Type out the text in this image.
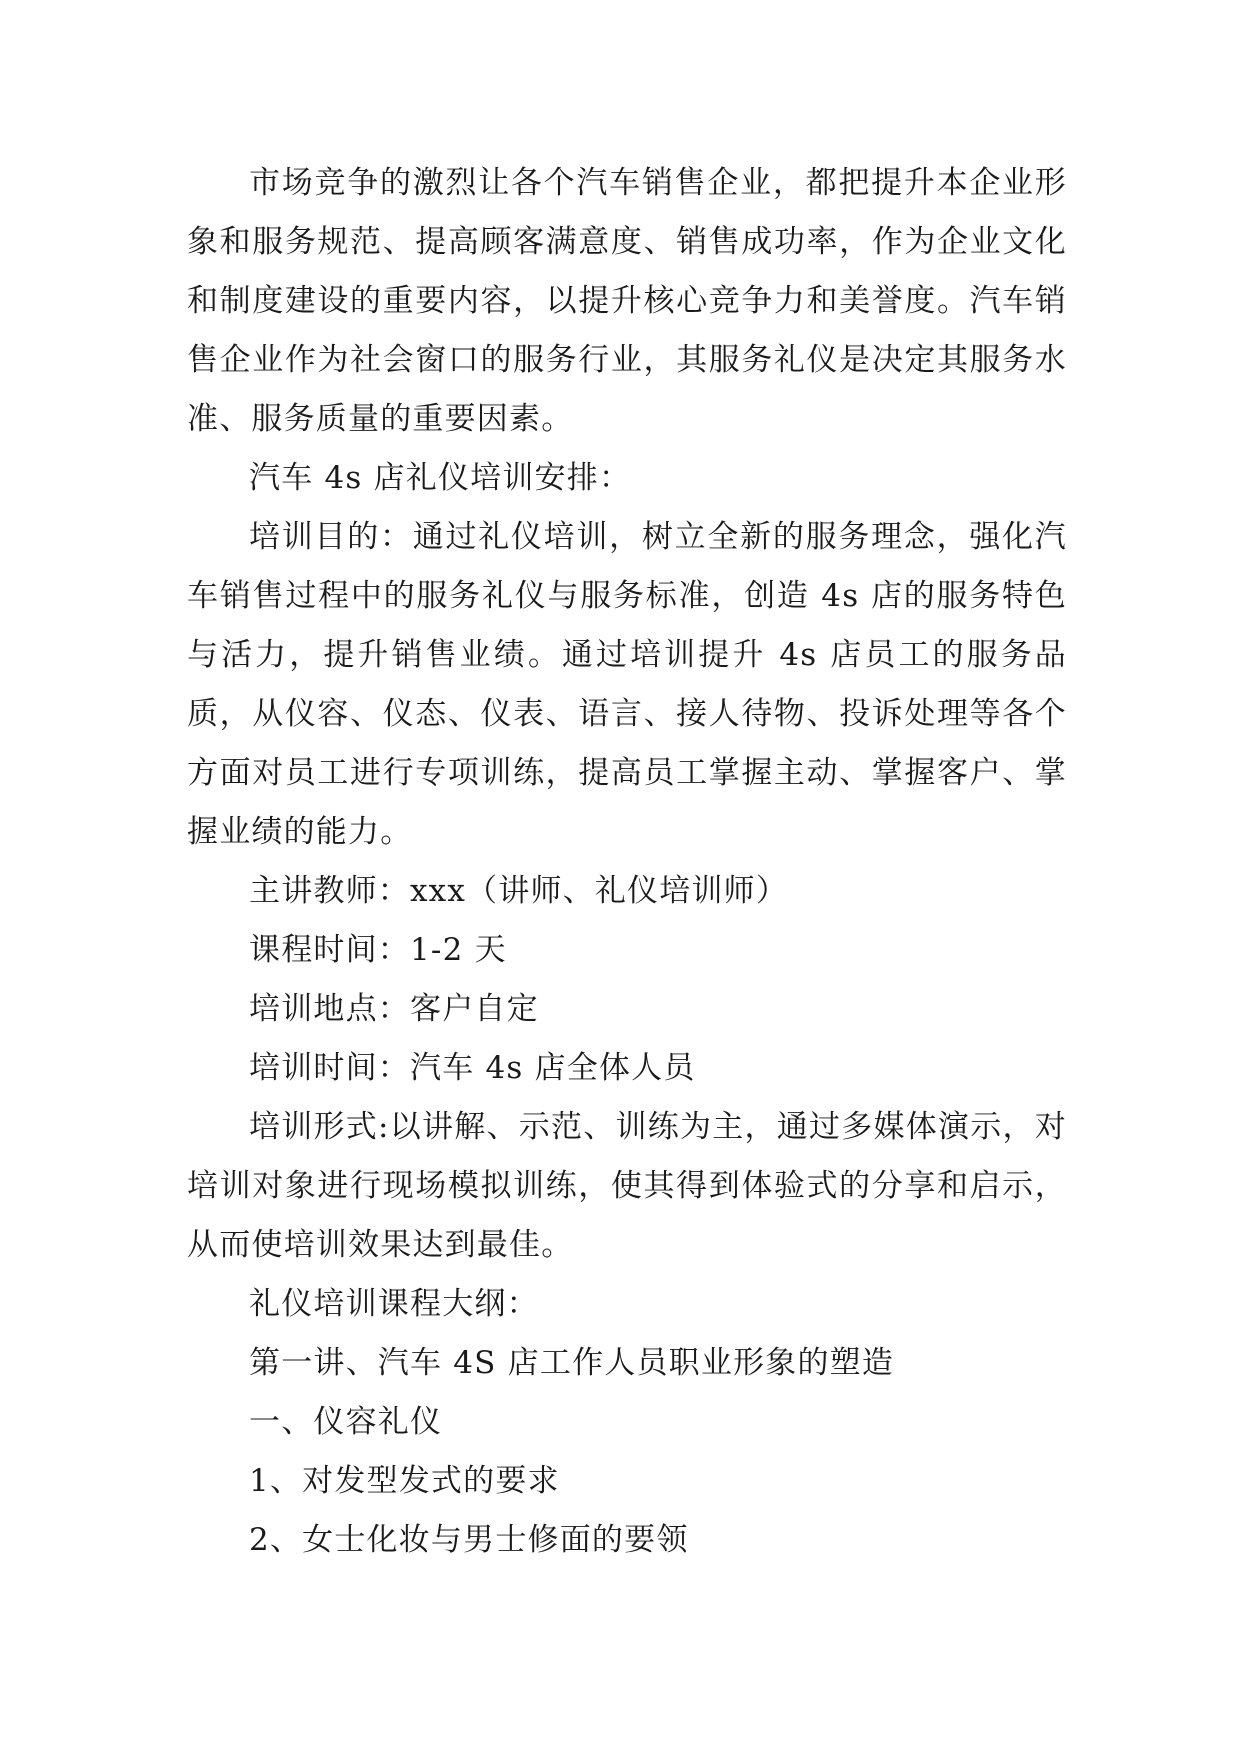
市场竞争的激烈让各个汽车销售企业，都把提升本企业形象和服务规范、提高顾客满意度、销售成功率，作为企业文化和制度建设的重要内容，以提升核心竞争力和美誉度。汽车销售企业作为社会窗口的服务行业，其服务礼仪是决定其服务水准、服务质量的重要因素。

汽车 4s 店礼仪培训安排：

培训目的：通过礼仪培训，树立全新的服务理念，强化汽车销售过程中的服务礼仪与服务标准，创造 4s 店的服务特色与活力，提升销售业绩。通过培训提升 4s 店员工的服务品质，从仪容、仪态、仪表、语言、接人待物、投诉处理等各个方面对员工进行专项训练，提高员工掌握主动、掌握客户、掌握业绩的能力。

主讲教师：xxx（讲师、礼仪培训师）

课程时间：1-2 天

培训地点：客户自定

培训时间：汽车 4s 店全体人员

培训形式:以讲解、示范、训练为主，通过多媒体演示，对培训对象进行现场模拟训练，使其得到体验式的分享和启示，从而使培训效果达到最佳。

礼仪培训课程大纲：

第一讲、汽车 4S 店工作人员职业形象的塑造

一、仪容礼仪

1、对发型发式的要求

2、女士化妆与男士修面的要领
